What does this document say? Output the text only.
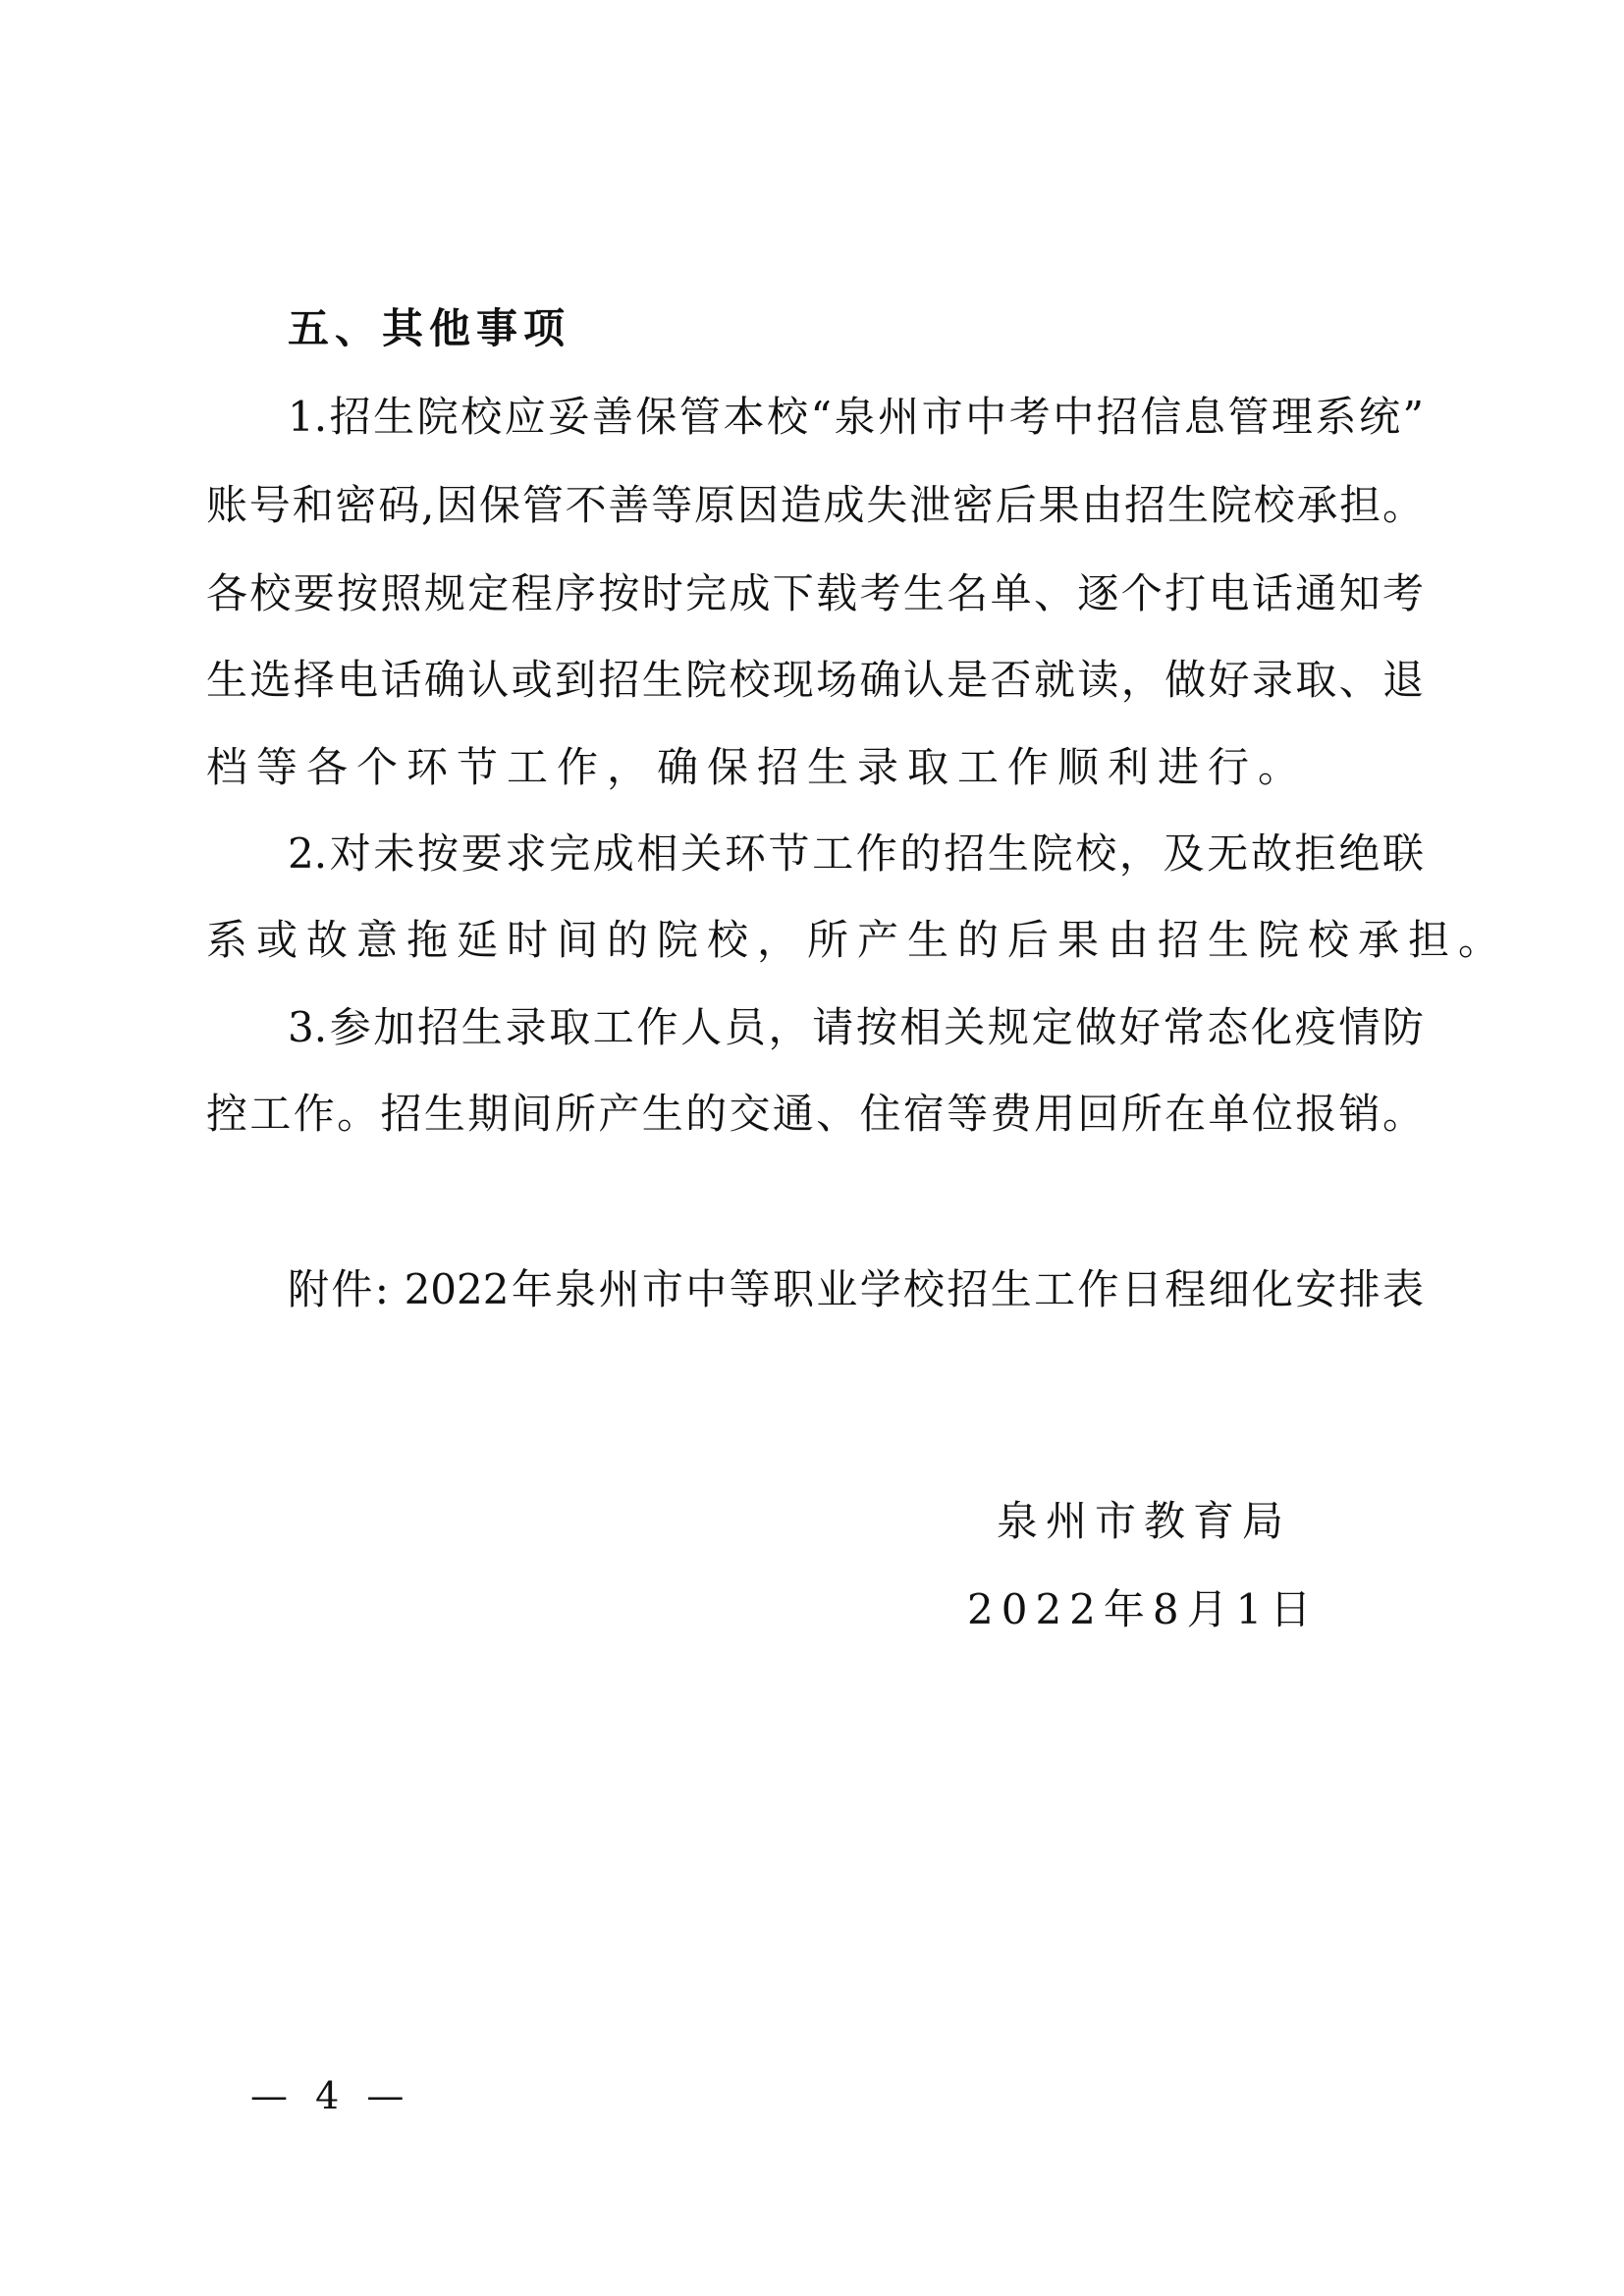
五、其他事项
1.招生院校应妥善保管本校“泉州市中考中招信息管理系统”
账号和密码,因保管不善等原因造成失泄密后果由招生院校承担。
各校要按照规定程序按时完成下载考生名单、逐个打电话通知考
生选择电话确认或到招生院校现场确认是否就读，做好录取、退
档等各个环节工作，确保招生录取工作顺利进行。
2.对未按要求完成相关环节工作的招生院校，及无故拒绝联
系或故意拖延时间的院校，所产生的后果由招生院校承担。
3.参加招生录取工作人员，请按相关规定做好常态化疫情防
控工作。招生期间所产生的交通、住宿等费用回所在单位报销。
附件: 2022年泉州市中等职业学校招生工作日程细化安排表
泉州市教育局
2022年8月1日
— 4 —
